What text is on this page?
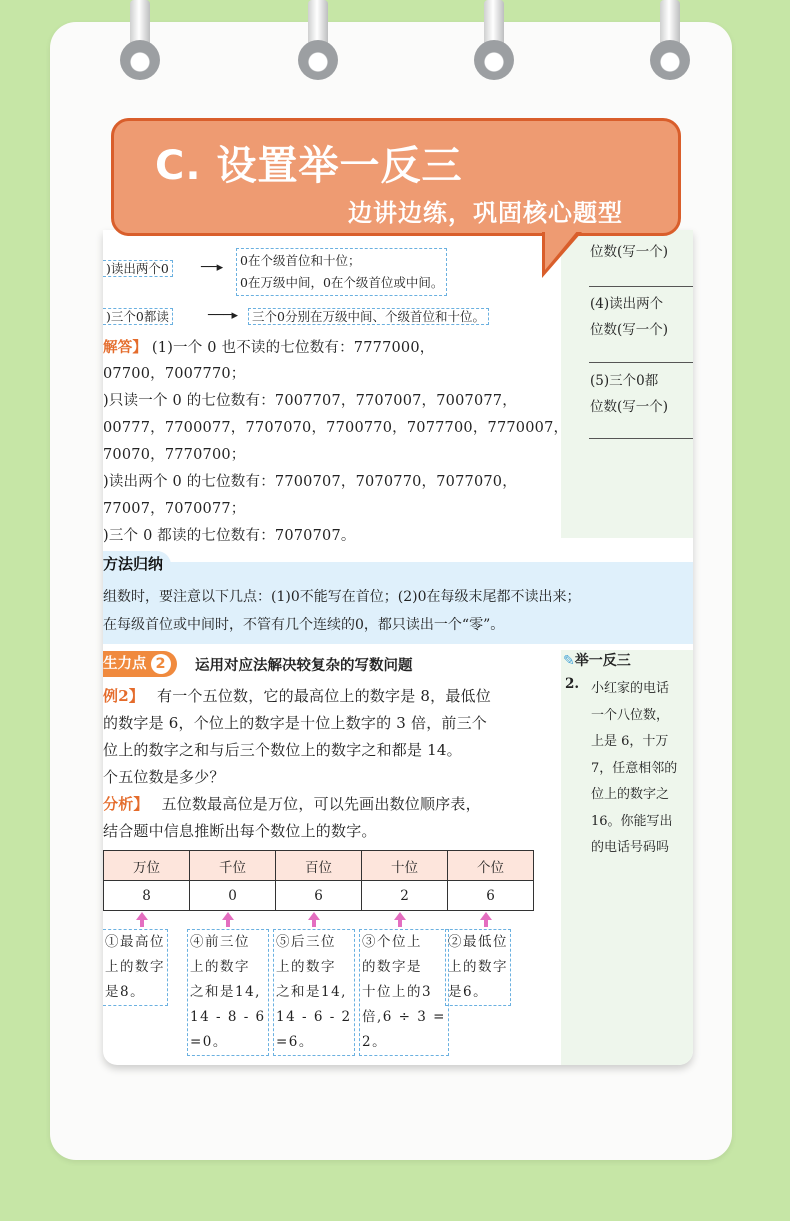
位数(写一个)
(4)读出两个
位数(写一个)
(5)三个0都
位数(写一个)
)读出两个0	──▸ 0在个级首位和十位；
0在万级中间，0在个级首位或中间。
)三个0都读	───▸	三个0分别在万级中间、个级首位和十位。
解答】 (1)一个 0 也不读的七位数有：7777000，
07700，7007770；
)只读一个 0 的七位数有：7007707，7707007，7007077，
00777，7700077，7707070，7700770，7077700，7770007，
70070，7770700；
)读出两个 0 的七位数有：7700707，7070770，7077070，
77007，7070077；
)三个 0 都读的七位数有：7070707。
方法归纳
组数时，要注意以下几点：(1)0不能写在首位；(2)0在每级末尾都不读出来；
在每级首位或中间时，不管有几个连续的0，都只读出一个“零”。
生力点 2	运用对应法解决较复杂的写数问题	✎举一反三
2. 小红家的电话
一个八位数，
上是 6，十万
7，任意相邻的
位上的数字之
16。你能写出
的电话号码吗
例2】 有一个五位数，它的最高位上的数字是 8，最低位
的数字是 6，个位上的数字是十位上数字的 3 倍，前三个
位上的数字之和与后三个数位上的数字之和都是 14。
个五位数是多少？
分析】 五位数最高位是万位，可以先画出数位顺序表，
结合题中信息推断出每个数位上的数字。
万位	千位	百位	十位	个位
8	0	6	2	6
①最高位
上的数字
是8。
④前三位
上的数字
之和是14,
14 - 8 - 6
=0。
⑤后三位
上的数字
之和是14,
14 - 6 - 2
=6。
③个位上
的数字是
十位上的3
倍,6 ÷ 3 =
2。
②最低位
上的数字
是6。
C. 设置举一反三
边讲边练，巩固核心题型
